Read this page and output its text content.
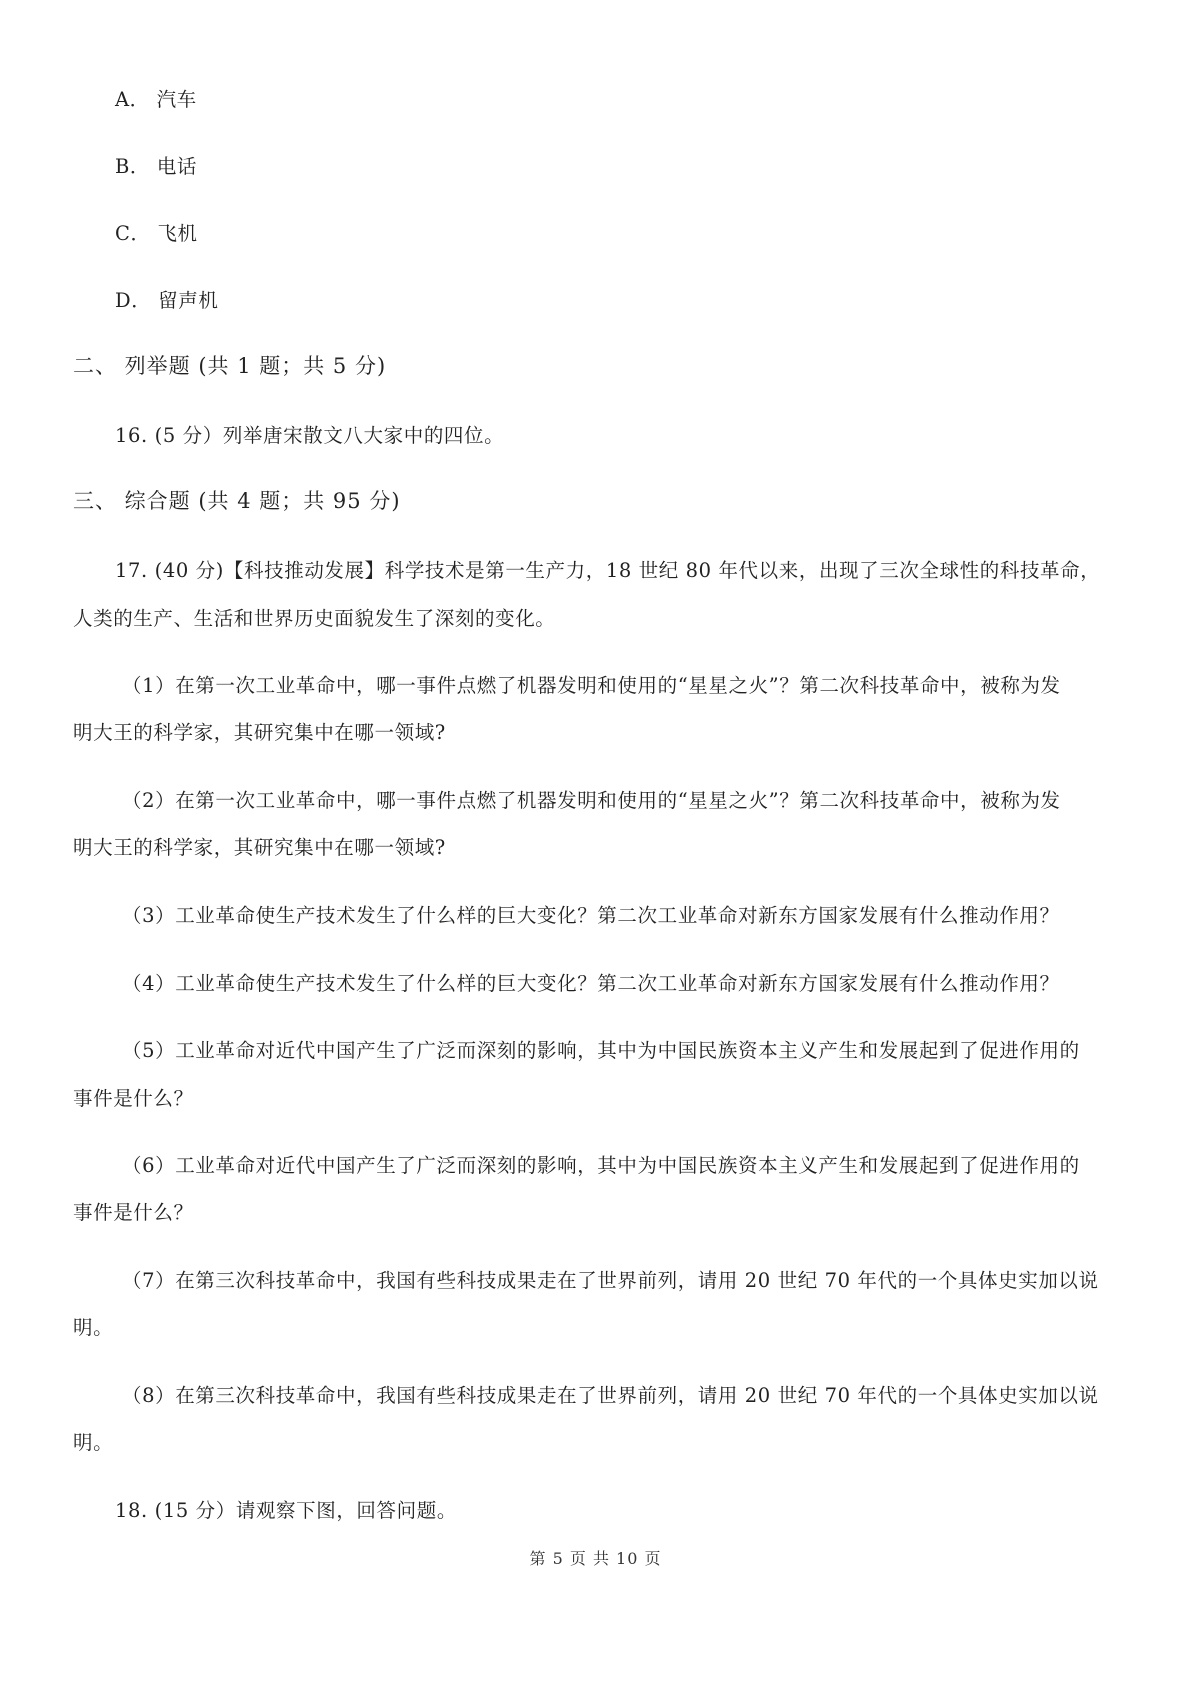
A． 汽车
B． 电话
C． 飞机
D． 留声机
二、 列举题 (共 1 题；共 5 分)
16. (5 分）列举唐宋散文八大家中的四位。
三、 综合题 (共 4 题；共 95 分)
17. (40 分)【科技推动发展】科学技术是第一生产力，18 世纪 80 年代以来，出现了三次全球性的科技革命，
人类的生产、生活和世界历史面貌发生了深刻的变化。
（1）在第一次工业革命中，哪一事件点燃了机器发明和使用的“星星之火”？第二次科技革命中，被称为发
明大王的科学家，其研究集中在哪一领域?
（2）在第一次工业革命中，哪一事件点燃了机器发明和使用的“星星之火”？第二次科技革命中，被称为发
明大王的科学家，其研究集中在哪一领域?
（3）工业革命使生产技术发生了什么样的巨大变化？第二次工业革命对新东方国家发展有什么推动作用？
（4）工业革命使生产技术发生了什么样的巨大变化？第二次工业革命对新东方国家发展有什么推动作用？
（5）工业革命对近代中国产生了广泛而深刻的影响，其中为中国民族资本主义产生和发展起到了促进作用的
事件是什么？
（6）工业革命对近代中国产生了广泛而深刻的影响，其中为中国民族资本主义产生和发展起到了促进作用的
事件是什么？
（7）在第三次科技革命中，我国有些科技成果走在了世界前列，请用 20 世纪 70 年代的一个具体史实加以说
明。
（8）在第三次科技革命中，我国有些科技成果走在了世界前列，请用 20 世纪 70 年代的一个具体史实加以说
明。
18. (15 分）请观察下图，回答问题。
第 5 页 共 10 页
